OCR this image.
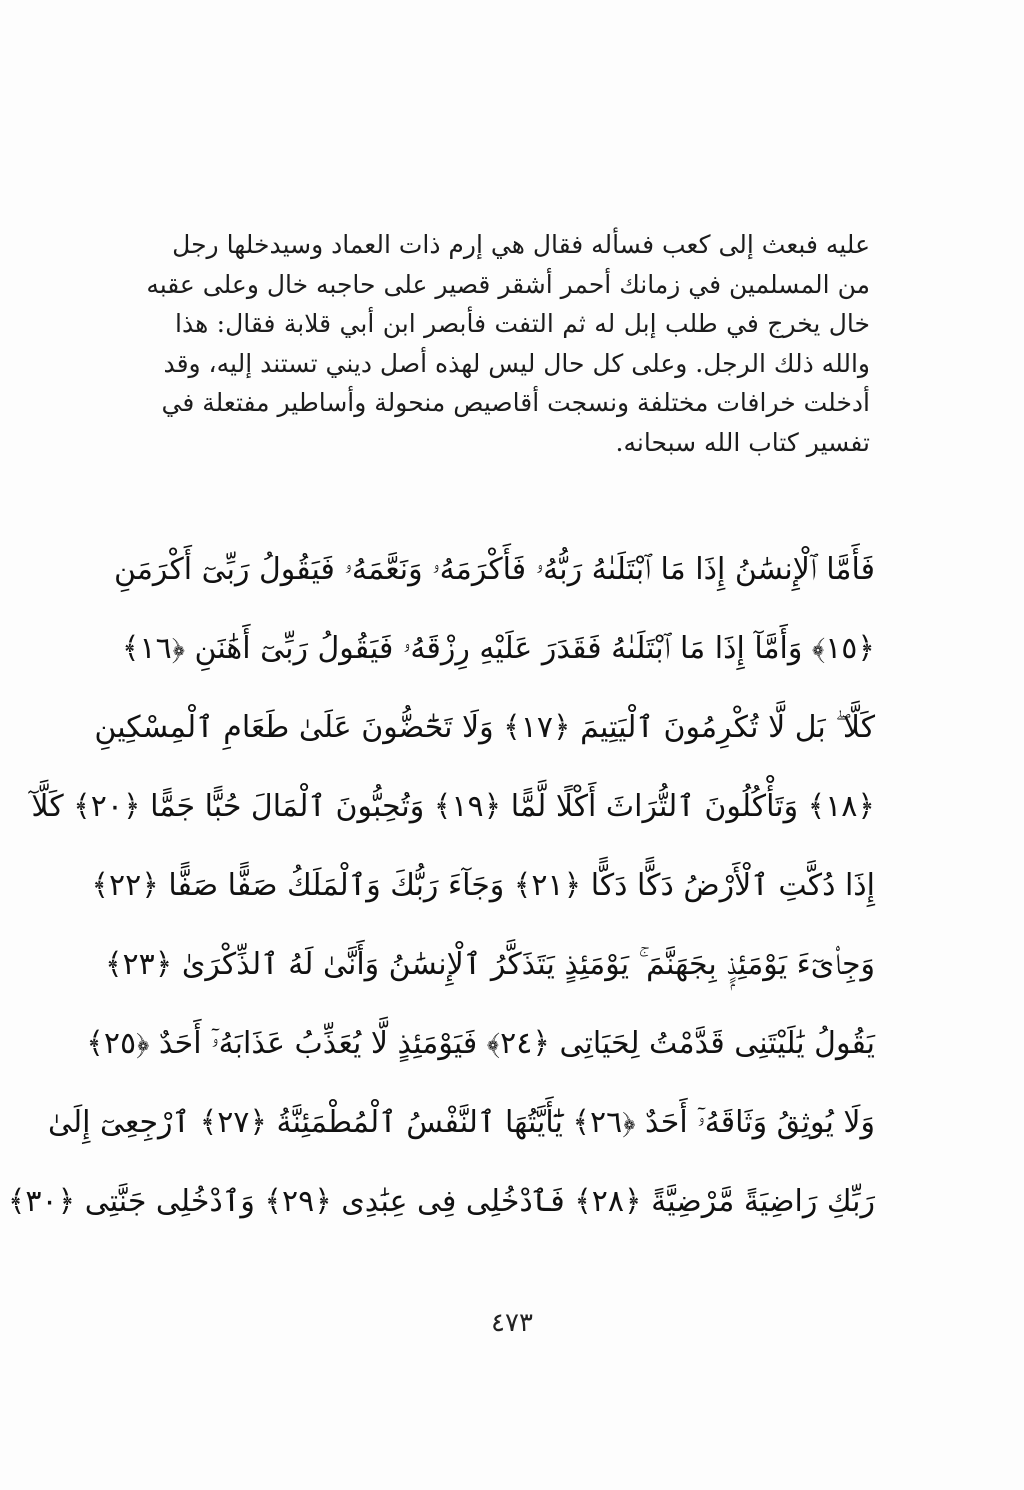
عليه فبعث إلى كعب فسأله فقال هي إرم ذات العماد وسيدخلها رجل
من المسلمين في زمانك أحمر أشقر قصير على حاجبه خال وعلى عقبه
خال يخرج في طلب إبل له ثم التفت فأبصر ابن أبي قلابة فقال: هذا
والله ذلك الرجل. وعلى كل حال ليس لهذه أصل ديني تستند إليه، وقد
أدخلت خرافات مختلفة ونسجت أقاصيص منحولة وأساطير مفتعلة في
تفسير كتاب الله سبحانه.
فَأَمَّا ٱلْإِنسَٰنُ إِذَا مَا ٱبْتَلَىٰهُ رَبُّهُۥ فَأَكْرَمَهُۥ وَنَعَّمَهُۥ فَيَقُولُ رَبِّىٓ أَكْرَمَنِ
﴿١٥﴾ وَأَمَّآ إِذَا مَا ٱبْتَلَىٰهُ فَقَدَرَ عَلَيْهِ رِزْقَهُۥ فَيَقُولُ رَبِّىٓ أَهَٰنَنِ ﴿١٦﴾
كَلَّا ۖ بَل لَّا تُكْرِمُونَ ٱلْيَتِيمَ ﴿١٧﴾ وَلَا تَحَٰٓضُّونَ عَلَىٰ طَعَامِ ٱلْمِسْكِينِ
﴿١٨﴾ وَتَأْكُلُونَ ٱلتُّرَاثَ أَكْلًا لَّمًّا ﴿١٩﴾ وَتُحِبُّونَ ٱلْمَالَ حُبًّا جَمًّا ﴿٢٠﴾ كَلَّآ
إِذَا دُكَّتِ ٱلْأَرْضُ دَكًّا دَكًّا ﴿٢١﴾ وَجَآءَ رَبُّكَ وَٱلْمَلَكُ صَفًّا صَفًّا ﴿٢٢﴾
وَجِا۟ىٓءَ يَوْمَئِذٍۭ بِجَهَنَّمَ ۚ يَوْمَئِذٍ يَتَذَكَّرُ ٱلْإِنسَٰنُ وَأَنَّىٰ لَهُ ٱلذِّكْرَىٰ ﴿٢٣﴾
يَقُولُ يَٰلَيْتَنِى قَدَّمْتُ لِحَيَاتِى ﴿٢٤﴾ فَيَوْمَئِذٍ لَّا يُعَذِّبُ عَذَابَهُۥٓ أَحَدٌ ﴿٢٥﴾
وَلَا يُوثِقُ وَثَاقَهُۥٓ أَحَدٌ ﴿٢٦﴾ يَٰٓأَيَّتُهَا ٱلنَّفْسُ ٱلْمُطْمَئِنَّةُ ﴿٢٧﴾ ٱرْجِعِىٓ إِلَىٰ
رَبِّكِ رَاضِيَةً مَّرْضِيَّةً ﴿٢٨﴾ فَٱدْخُلِى فِى عِبَٰدِى ﴿٢٩﴾ وَٱدْخُلِى جَنَّتِى ﴿٣٠﴾
٤٧٣
